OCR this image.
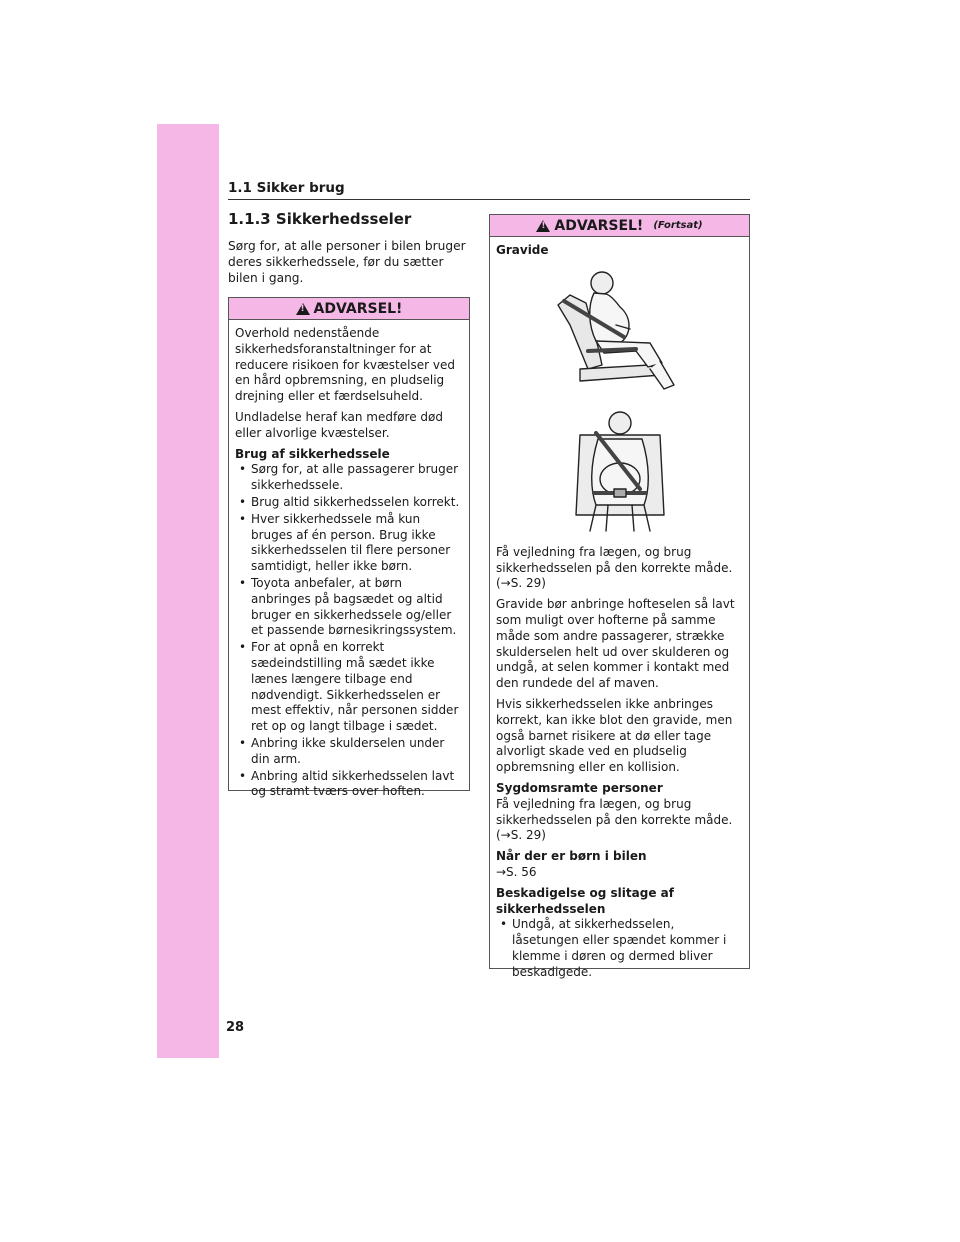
1.1 Sikker brug
1.1.3 Sikkerhedsseler
Sørg for, at alle personer i bilen bruger deres sikkerhedssele, før du sætter bilen i gang.
!
ADVARSEL!

Overhold nedenstående sikkerhedsforanstaltninger for at reducere risikoen for kvæstelser ved en hård opbremsning, en pludselig drejning eller et færdselsuheld.

Undladelse heraf kan medføre død eller alvorlige kvæstelser.

Brug af sikkerhedssele

• Sørg for, at alle passagerer bruger sikkerhedssele.
• Brug altid sikkerhedsselen korrekt.
• Hver sikkerhedssele må kun bruges af én person. Brug ikke sikkerhedsselen til flere personer samtidigt, heller ikke børn.
• Toyota anbefaler, at børn anbringes på bagsædet og altid bruger en sikkerhedssele og/eller et passende børnesikringssystem.
• For at opnå en korrekt sædeindstilling må sædet ikke lænes længere tilbage end nødvendigt. Sikkerhedsselen er mest effektiv, når personen sidder ret op og langt tilbage i sædet.
• Anbring ikke skulderselen under din arm.
• Anbring altid sikkerhedsselen lavt og stramt tværs over hoften.
!
ADVARSEL! (Fortsat)

Gravide

Få vejledning fra lægen, og brug sikkerhedsselen på den korrekte måde. (→S. 29)

Gravide bør anbringe hofteselen så lavt som muligt over hofterne på samme måde som andre passagerer, strække skulderselen helt ud over skulderen og undgå, at selen kommer i kontakt med den rundede del af maven.

Hvis sikkerhedsselen ikke anbringes korrekt, kan ikke blot den gravide, men også barnet risikere at dø eller tage alvorligt skade ved en pludselig opbremsning eller en kollision.

Sygdomsramte personer

Få vejledning fra lægen, og brug sikkerhedsselen på den korrekte måde. (→S. 29)

Når der er børn i bilen

→S. 56

Beskadigelse og slitage af sikkerhedsselen

• Undgå, at sikkerhedsselen, låsetungen eller spændet kommer i klemme i døren og dermed bliver beskadigede.
28
